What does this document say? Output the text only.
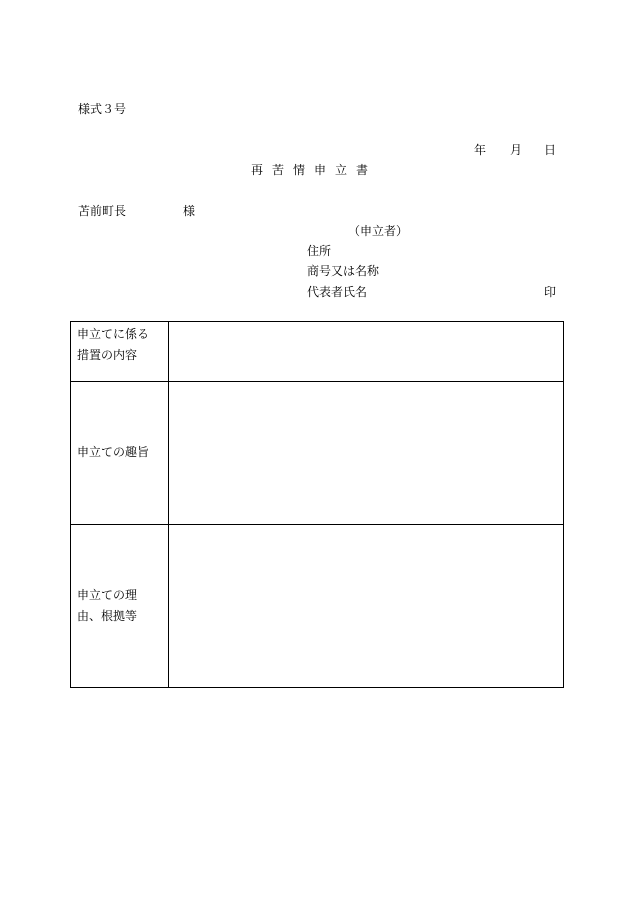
様式３号
年 月 日
再苦情申立書
苫前町長	様
（申立者）
住所
商号又は名称
代表者氏名	印
申立てに係る
措置の内容	

申立ての趣旨	

申立ての理
由、根拠等	
